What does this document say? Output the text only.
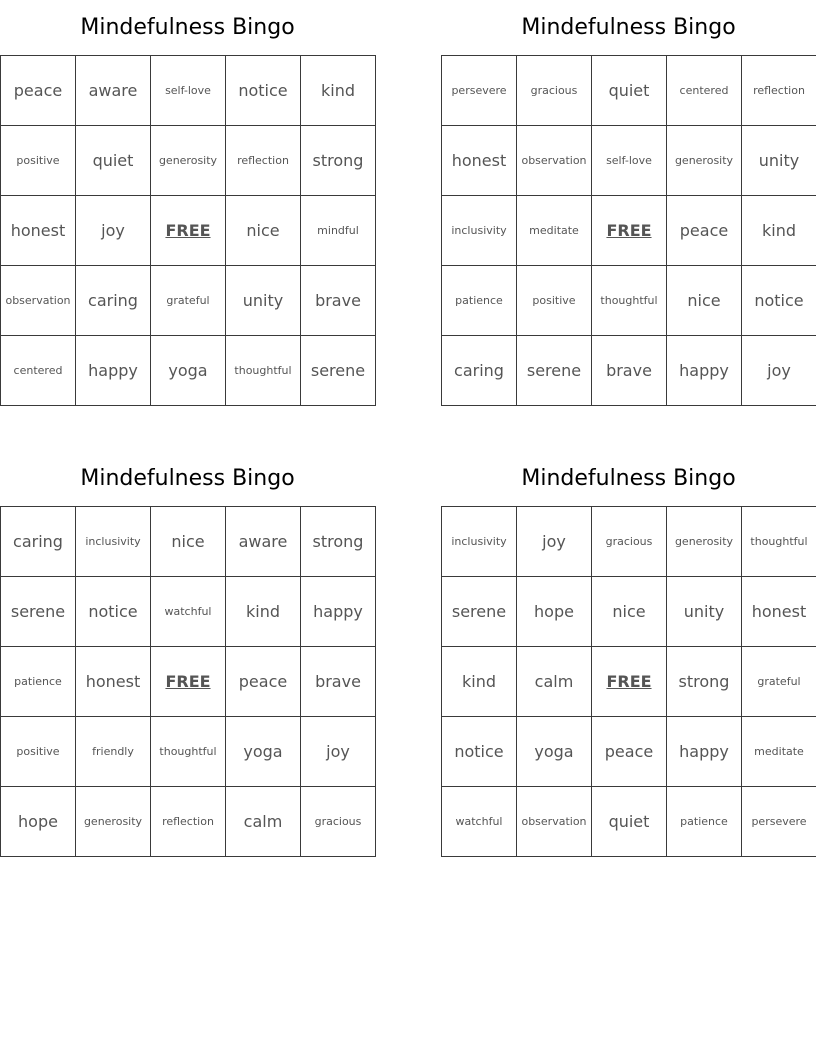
Mindefulness Bingo
peace	aware	self-love	notice	kind
positive	quiet	generosity	reflection	strong
honest	joy	FREE	nice	mindful
observation	caring	grateful	unity	brave
centered	happy	yoga	thoughtful	serene
Mindefulness Bingo
persevere	gracious	quiet	centered	reflection
honest	observation	self-love	generosity	unity
inclusivity	meditate	FREE	peace	kind
patience	positive	thoughtful	nice	notice
caring	serene	brave	happy	joy
Mindefulness Bingo
caring	inclusivity	nice	aware	strong
serene	notice	watchful	kind	happy
patience	honest	FREE	peace	brave
positive	friendly	thoughtful	yoga	joy
hope	generosity	reflection	calm	gracious
Mindefulness Bingo
inclusivity	joy	gracious	generosity	thoughtful
serene	hope	nice	unity	honest
kind	calm	FREE	strong	grateful
notice	yoga	peace	happy	meditate
watchful	observation	quiet	patience	persevere
